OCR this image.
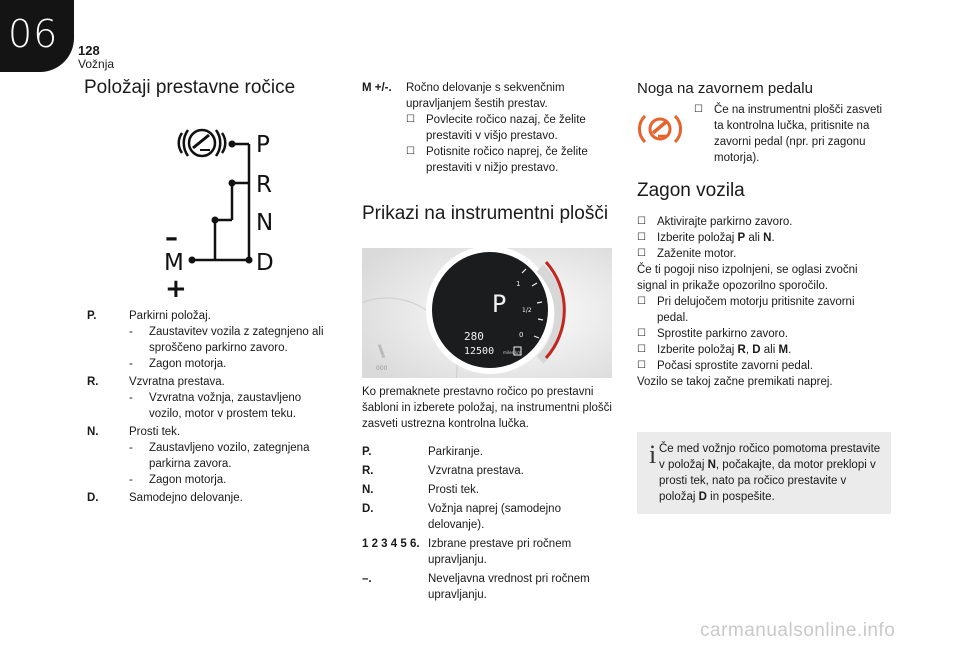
06 128
Vožnja
Položaji prestavne ročice
P
R
N
D
M
–
+
P.	Parkirni položaj.
-	Zaustavitev vozila z zategnjeno ali sproščeno parkirno zavoro.
-	Zagon motorja.
R.	Vzvratna prestava.
-	Vzvratna vožnja, zaustavljeno vozilo, motor v prostem teku.
N.	Prosti tek.
-	Zaustavljeno vozilo, zategnjena parkirna zavora.
-	Zagon motorja.
D.	Samodejno delovanje.
M +/-.	Ročno delovanje s sekvenčnim upravljanjem šestih prestav.
☐ Povlecite ročico nazaj, če želite prestaviti v višjo prestavo.
☐ Potisnite ročico naprej, če želite prestaviti v nižjo prestavo.
Prikazi na instrumentni plošči
000
1
1/2
0
P
280
12500 miles km
Ko premaknete prestavno ročico po prestavni šabloni in izberete položaj, na instrumentni plošči zasveti ustrezna kontrolna lučka.
P.	Parkiranje.
R.	Vzvratna prestava.
N.	Prosti tek.
D.	Vožnja naprej (samodejno delovanje).
1 2 3 4 5 6. Izbrane prestave pri ročnem upravljanju.
–.	Neveljavna vrednost pri ročnem upravljanju.
Noga na zavornem pedalu
☐ Če na instrumentni plošči zasveti ta kontrolna lučka, pritisnite na zavorni pedal (npr. pri zagonu motorja).
Zagon vozila
☐ Aktivirajte parkirno zavoro.
☐ Izberite položaj P ali N.
☐ Zaženite motor.
Če ti pogoji niso izpolnjeni, se oglasi zvočni signal in prikaže opozorilno sporočilo.
☐ Pri delujočem motorju pritisnite zavorni pedal.
☐ Sprostite parkirno zavoro.
☐ Izberite položaj R, D ali M.
☐ Počasi sprostite zavorni pedal.
Vozilo se takoj začne premikati naprej.
i Če med vožnjo ročico pomotoma prestavite v položaj N, počakajte, da motor preklopi v prosti tek, nato pa ročico prestavite v položaj D in pospešite.
carmanualsonline.info
